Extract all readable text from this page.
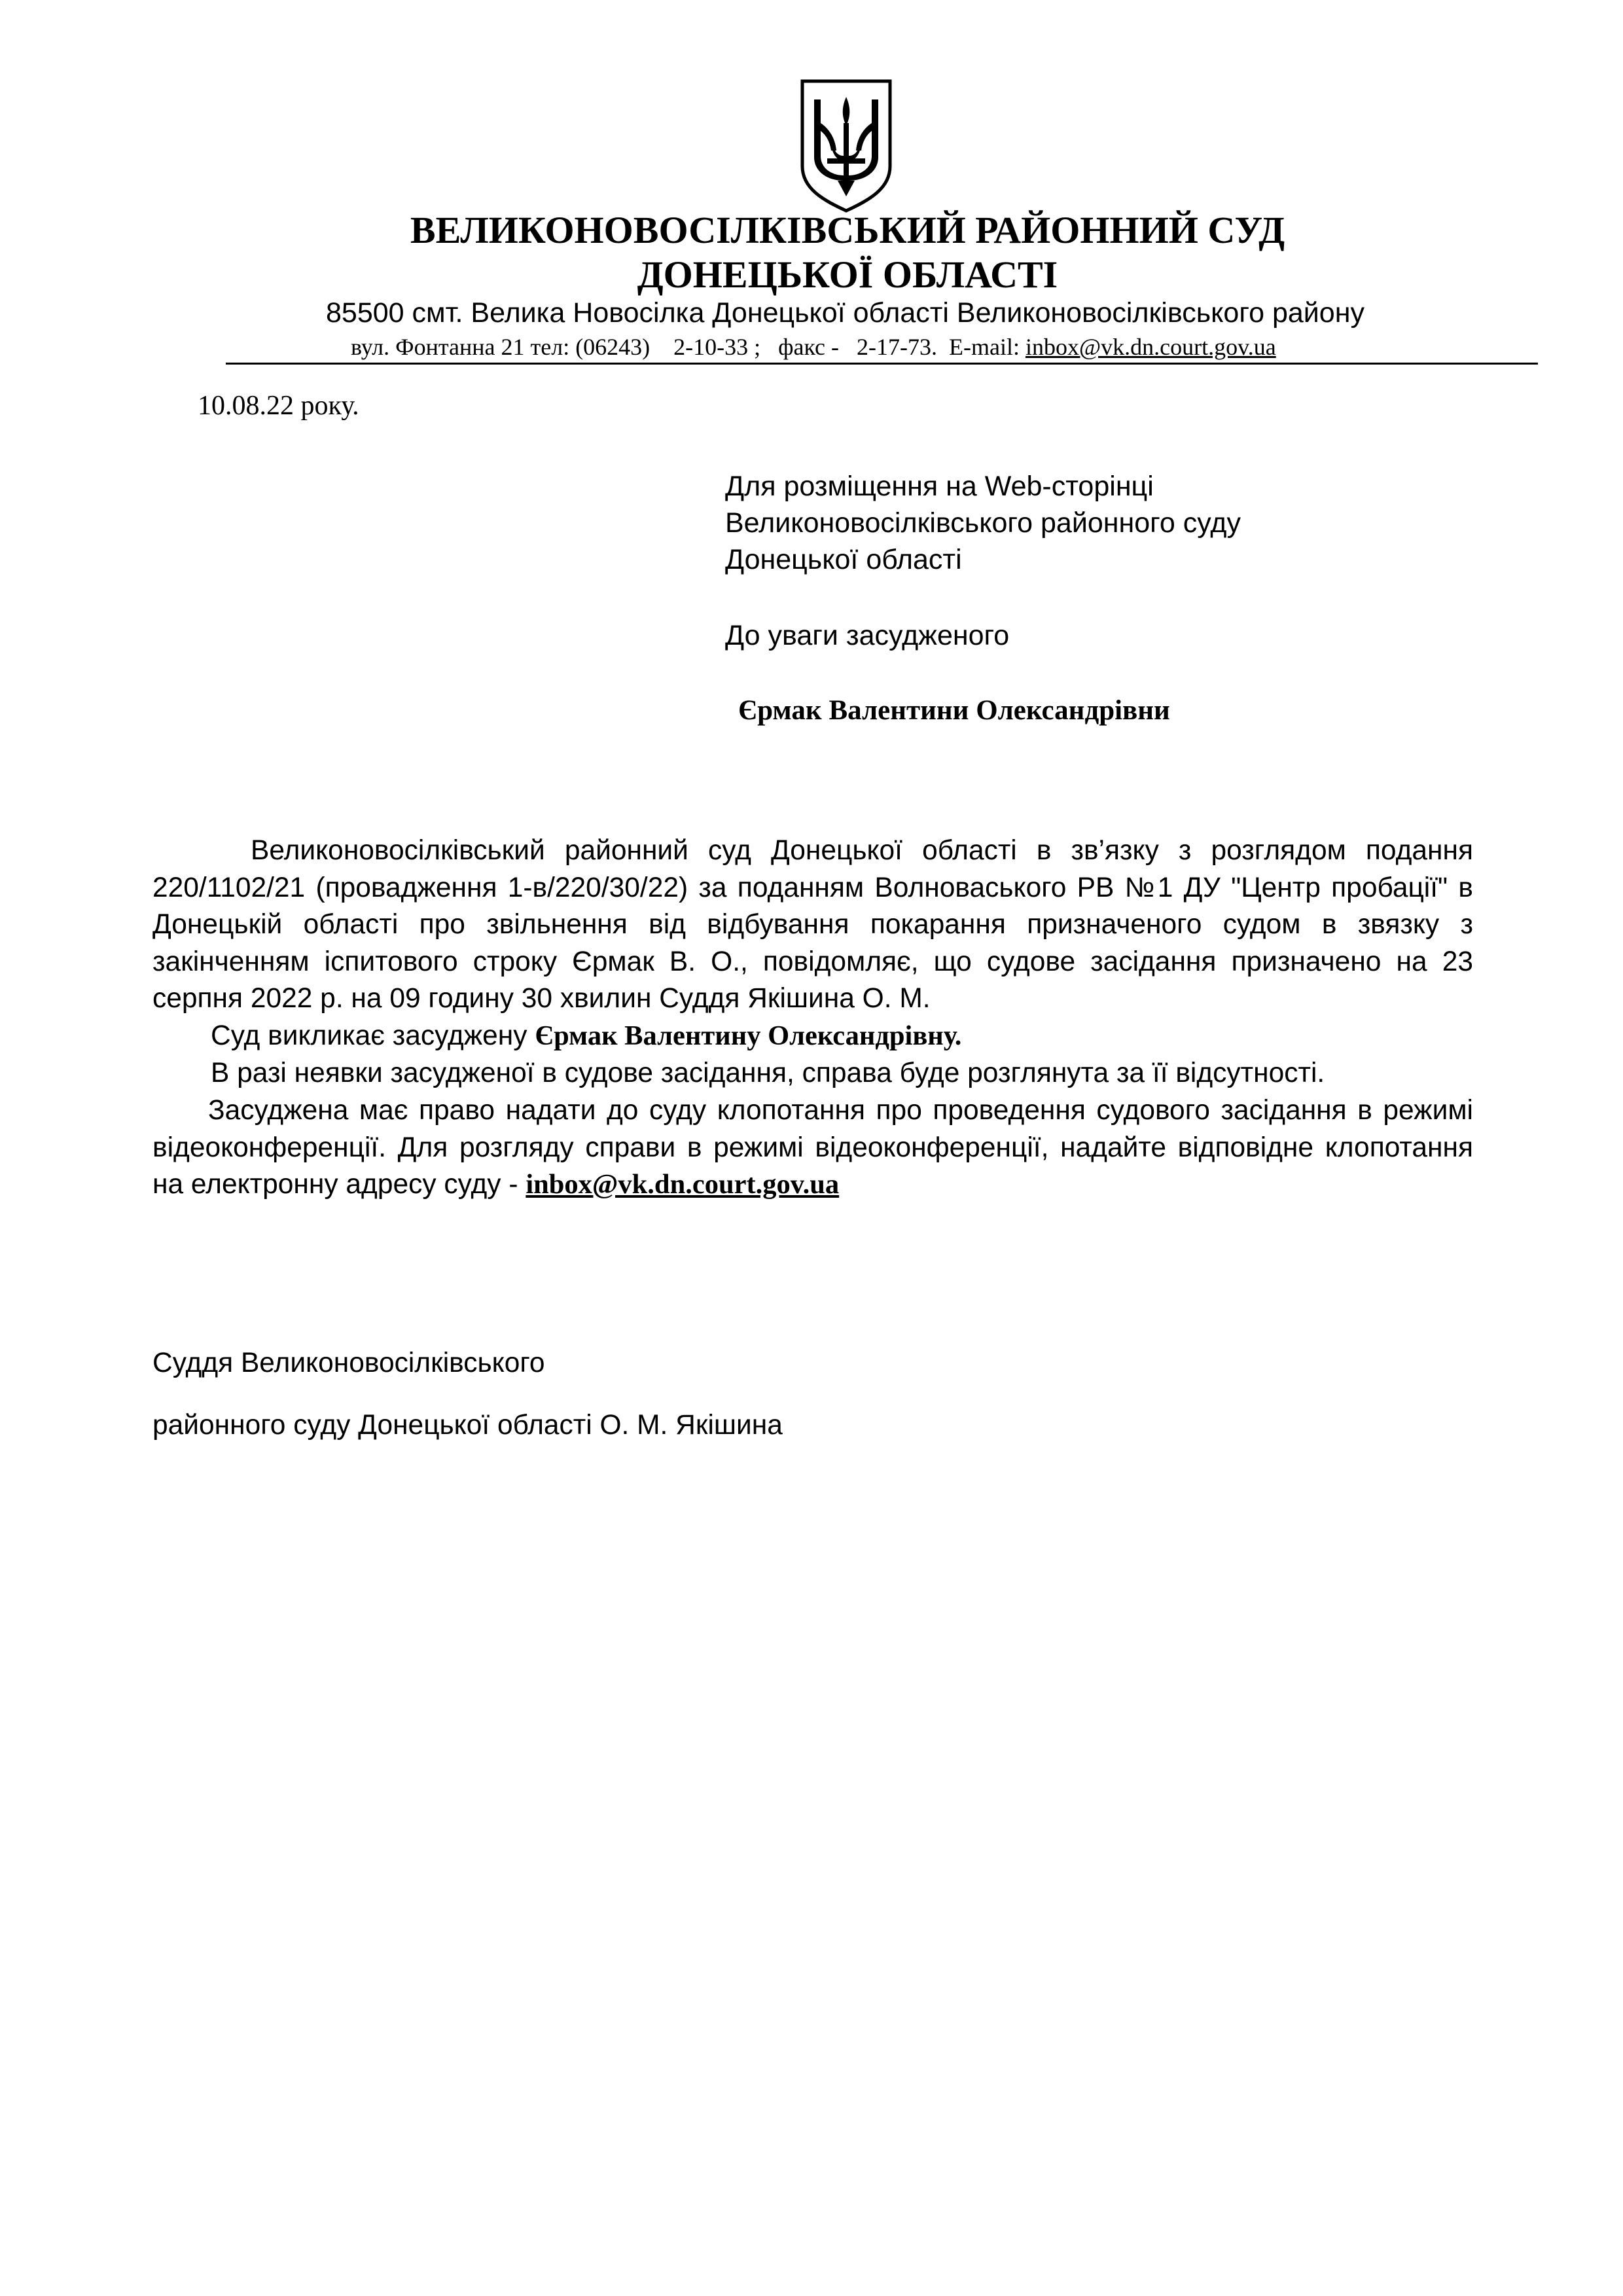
ВЕЛИКОНОВОСІЛКІВСЬКИЙ РАЙОННИЙ СУД
ДОНЕЦЬКОЇ ОБЛАСТІ
85500 смт. Велика Новосілка Донецької області Великоновосілківського району
вул. Фонтанна 21 тел: (06243)    2-10-33 ;   факс -   2-17-73.  E-mail: inbox@vk.dn.court.gov.ua
10.08.22 року.
Для розміщення на Web-сторінці
Великоновосілківського районного суду
Донецької області
До уваги засудженого
Єрмак Валентини Олександрівни

Великоновосілківський районний суд Донецької області в зв’язку з розглядом подання 220/1102/21 (провадження 1-в/220/30/22) за поданням Волноваського РВ №1 ДУ "Центр пробації" в Донецькій області про звільнення від відбування покарання призначеного судом в звязку з закінченням іспитового строку Єрмак В. О., повідомляє, що судове засідання призначено на 23 серпня 2022 р. на 09 годину 30 хвилин Суддя Якішина О. М.

Суд викликає засуджену Єрмак Валентину Олександрівну.
В разі неявки засудженої в судове засідання, справа буде розглянута за її відсутності.

Засуджена має право надати до суду клопотання про проведення судового засідання в режимі відеоконференції. Для розгляду справи в режимі відеоконференції, надайте відповідне клопотання на електронну адресу суду - inbox@vk.dn.court.gov.ua

Суддя Великоновосілківського
районного суду Донецької області О. М. Якішина
